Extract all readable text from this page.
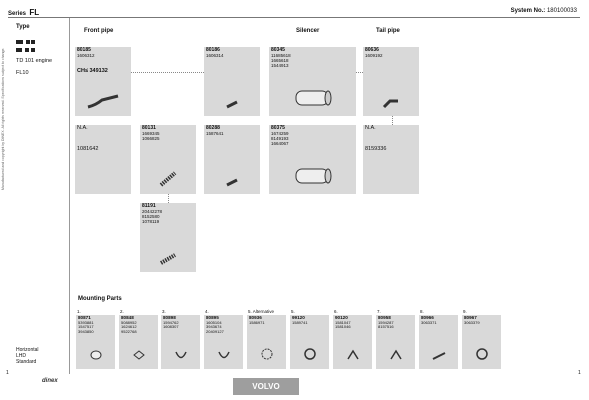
Series FL	System No.: 180100033
Manufactured and copyright by DINEX. All rights reserved. Specifications subject to change.
Type
TD 101 engine
FL10
Horizontal
LHD
Standard
Front pipe	Silencer	Tail pipe
80185
1606312
CH≤ 349132
80186
1606314
80345
11685618
1665618
1544913
80636
1609192
N.A.
1081642
80131
1669345
1066825
80288
1587641
80375
1674259
8149193
1664067
N.A.
8159336
81191
20442278
8152580
1078119
Mounting Parts
1.
80871
5393881
1547517
3943850
2.
80848
5088952
1624612
9522768
3.
80898
1594762
1608307
4.
80895
1605104
3943674
20409127
5. Alternative
80936
1586971
5.
99120
1589741
6.
90120
1581047
1581046
7.
80958
1594287
8157516
8.
80966
3063371
9.
80967
3063379
dinex
VOLVO
1	1
